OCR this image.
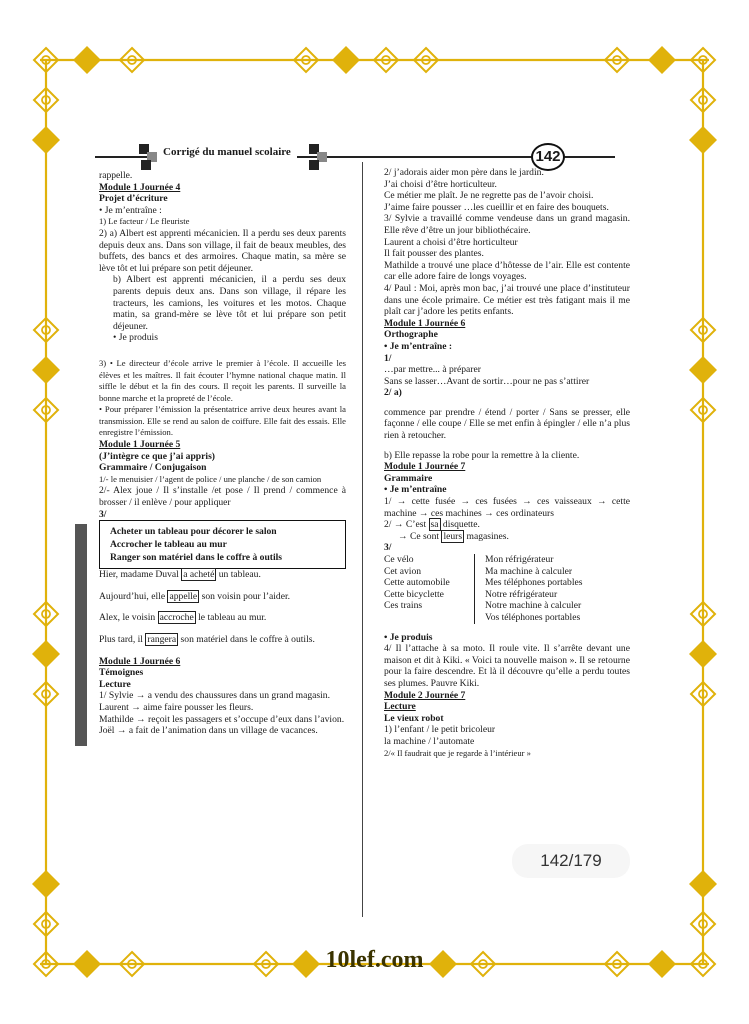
Corrigé du manuel scolaire	142

rappelle.

Module 1 Journée 4

Projet d’écriture

• Je m’entraîne :

1) Le facteur / Le fleuriste

2) a) Albert est apprenti mécanicien. Il a perdu ses deux parents depuis deux ans. Dans son village, il fait de beaux meubles, des buffets, des bancs et des armoires. Chaque matin, sa mère se lève tôt et lui prépare son petit déjeuner.

b) Albert est apprenti mécanicien, il a perdu ses deux parents depuis deux ans. Dans son village, il répare les tracteurs, les camions, les voitures et les motos. Chaque matin, sa grand-mère se lève tôt et lui prépare son petit déjeuner.

• Je produis

3) • Le directeur d’école arrive le premier à l’école. Il accueille les élèves et les maîtres. Il fait écouter l’hymne national chaque matin. Il siffle le début et la fin des cours. Il reçoit les parents. Il surveille la bonne marche et la propreté de l’école.

• Pour préparer l’émission la présentatrice arrive deux heures avant la transmission. Elle se rend au salon de coiffure. Elle fait des essais. Elle enregistre l’émission.

Module 1 Journée 5

(J’intègre ce que j’ai appris)

Grammaire / Conjugaison

1/- le menuisier / l’agent de police / une planche / de son camion

2/- Alex joue / Il s’installe /et pose / Il prend / commence à brosser / il enlève / pour appliquer

3/

Acheter un tableau pour décorer le salon
Accrocher le tableau au mur
Ranger son matériel dans le coffre à outils

Hier, madame Duval a acheté un tableau.

Aujourd’hui, elle appelle son voisin pour l’aider.

Alex, le voisin accroche le tableau au mur.

Plus tard, il rangera son matériel dans le coffre à outils.

Module 1 Journée 6

Témoignes

Lecture

1/ Sylvie → a vendu des chaussures dans un grand magasin.

Laurent → aime faire pousser les fleurs.

Mathilde → reçoit les passagers et s’occupe d’eux dans l’avion.

Joël → a fait de l’animation dans un village de vacances.

2/ j’adorais aider mon père dans le jardin.

J’ai choisi d’être horticulteur.

Ce métier me plaît. Je ne regrette pas de l’avoir choisi.

J’aime faire pousser …les cueillir et en faire des bouquets.

3/ Sylvie a travaillé comme vendeuse dans un grand magasin. Elle rêve d’être un jour bibliothécaire.

Laurent a choisi d’être horticulteur

Il fait pousser des plantes.

Mathilde a trouvé une place d’hôtesse de l’air. Elle est contente car elle adore faire de longs voyages.

4/ Paul : Moi, après mon bac, j’ai trouvé une place d’instituteur dans une école primaire. Ce métier est très fatigant mais il me plaît car j’adore les petits enfants.

Module 1 Journée 6

Orthographe

• Je m’entraîne :

1/

…par mettre... à préparer

Sans se lasser…Avant de sortir…pour ne pas s’attirer

2/ a)

commence par prendre / étend / porter / Sans se presser, elle façonne / elle coupe / Elle se met enfin à épingler / elle n’a plus rien à retoucher.

b) Elle repasse la robe pour la remettre à la cliente.

Module 1 Journée 7

Grammaire

• Je m’entraîne

1/ → cette fusée → ces fusées → ces vaisseaux → cette machine → ces machines → ces ordinateurs

2/ → C’est sa disquette.

→ Ce sont leurs magasines.

3/

Ce vélo
Cet avion
Cette automobile
Cette bicyclette
Ces trains
Mon réfrigérateur
Ma machine à calculer
Mes téléphones portables
Notre réfrigérateur
Notre machine à calculer
Vos téléphones portables

• Je produis

4/ Il l’attache à sa moto. Il roule vite. Il s’arrête devant une maison et dit à Kiki. « Voici ta nouvelle maison ». Il se retourne pour la faire descendre. Et là il découvre qu’elle a perdu toutes ses plumes. Pauvre Kiki.

Module 2 Journée 7

Lecture

Le vieux robot

1) l’enfant / le petit bricoleur

la machine / l’automate

2/« Il faudrait que je regarde à l’intérieur »

142/179
10lef.com
